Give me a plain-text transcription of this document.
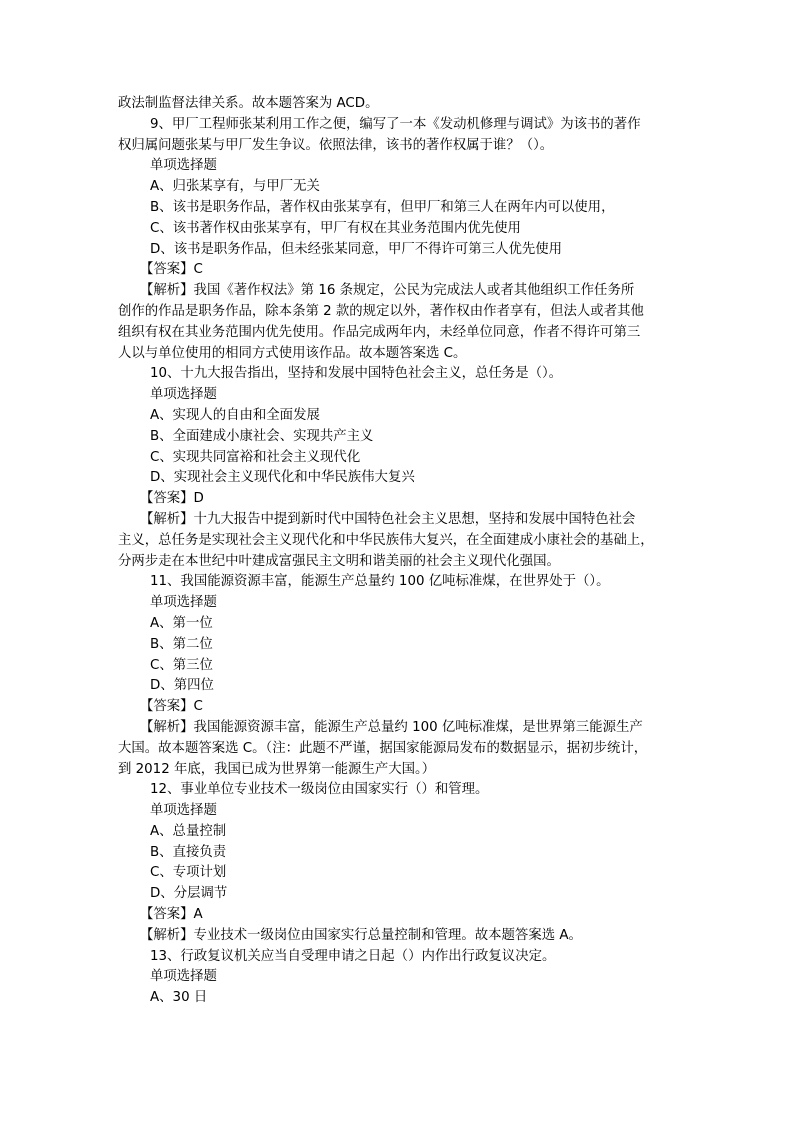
政法制监督法律关系。故本题答案为 ACD。
9、甲厂工程师张某利用工作之便，编写了一本《发动机修理与调试》为该书的著作
权归属问题张某与甲厂发生争议。依照法律，该书的著作权属于谁？（）。
单项选择题
A、归张某享有，与甲厂无关
B、该书是职务作品，著作权由张某享有，但甲厂和第三人在两年内可以使用，
C、该书著作权由张某享有，甲厂有权在其业务范围内优先使用
D、该书是职务作品，但未经张某同意，甲厂不得许可第三人优先使用
【答案】C
【解析】我国《著作权法》第 16 条规定，公民为完成法人或者其他组织工作任务所
创作的作品是职务作品，除本条第 2 款的规定以外，著作权由作者享有，但法人或者其他
组织有权在其业务范围内优先使用。作品完成两年内，未经单位同意，作者不得许可第三
人以与单位使用的相同方式使用该作品。故本题答案选 C。
10、十九大报告指出，坚持和发展中国特色社会主义，总任务是（）。
单项选择题
A、实现人的自由和全面发展
B、全面建成小康社会、实现共产主义
C、实现共同富裕和社会主义现代化
D、实现社会主义现代化和中华民族伟大复兴
【答案】D
【解析】十九大报告中提到新时代中国特色社会主义思想，坚持和发展中国特色社会
主义，总任务是实现社会主义现代化和中华民族伟大复兴，在全面建成小康社会的基础上，
分两步走在本世纪中叶建成富强民主文明和谐美丽的社会主义现代化强国。
11、我国能源资源丰富，能源生产总量约 100 亿吨标准煤，在世界处于（）。
单项选择题
A、第一位
B、第二位
C、第三位
D、第四位
【答案】C
【解析】我国能源资源丰富，能源生产总量约 100 亿吨标准煤，是世界第三能源生产
大国。故本题答案选 C。（注：此题不严谨，据国家能源局发布的数据显示，据初步统计，
到 2012 年底，我国已成为世界第一能源生产大国。）
12、事业单位专业技术一级岗位由国家实行（）和管理。
单项选择题
A、总量控制
B、直接负责
C、专项计划
D、分层调节
【答案】A
【解析】专业技术一级岗位由国家实行总量控制和管理。故本题答案选 A。
13、行政复议机关应当自受理申请之日起（）内作出行政复议决定。
单项选择题
A、30 日
